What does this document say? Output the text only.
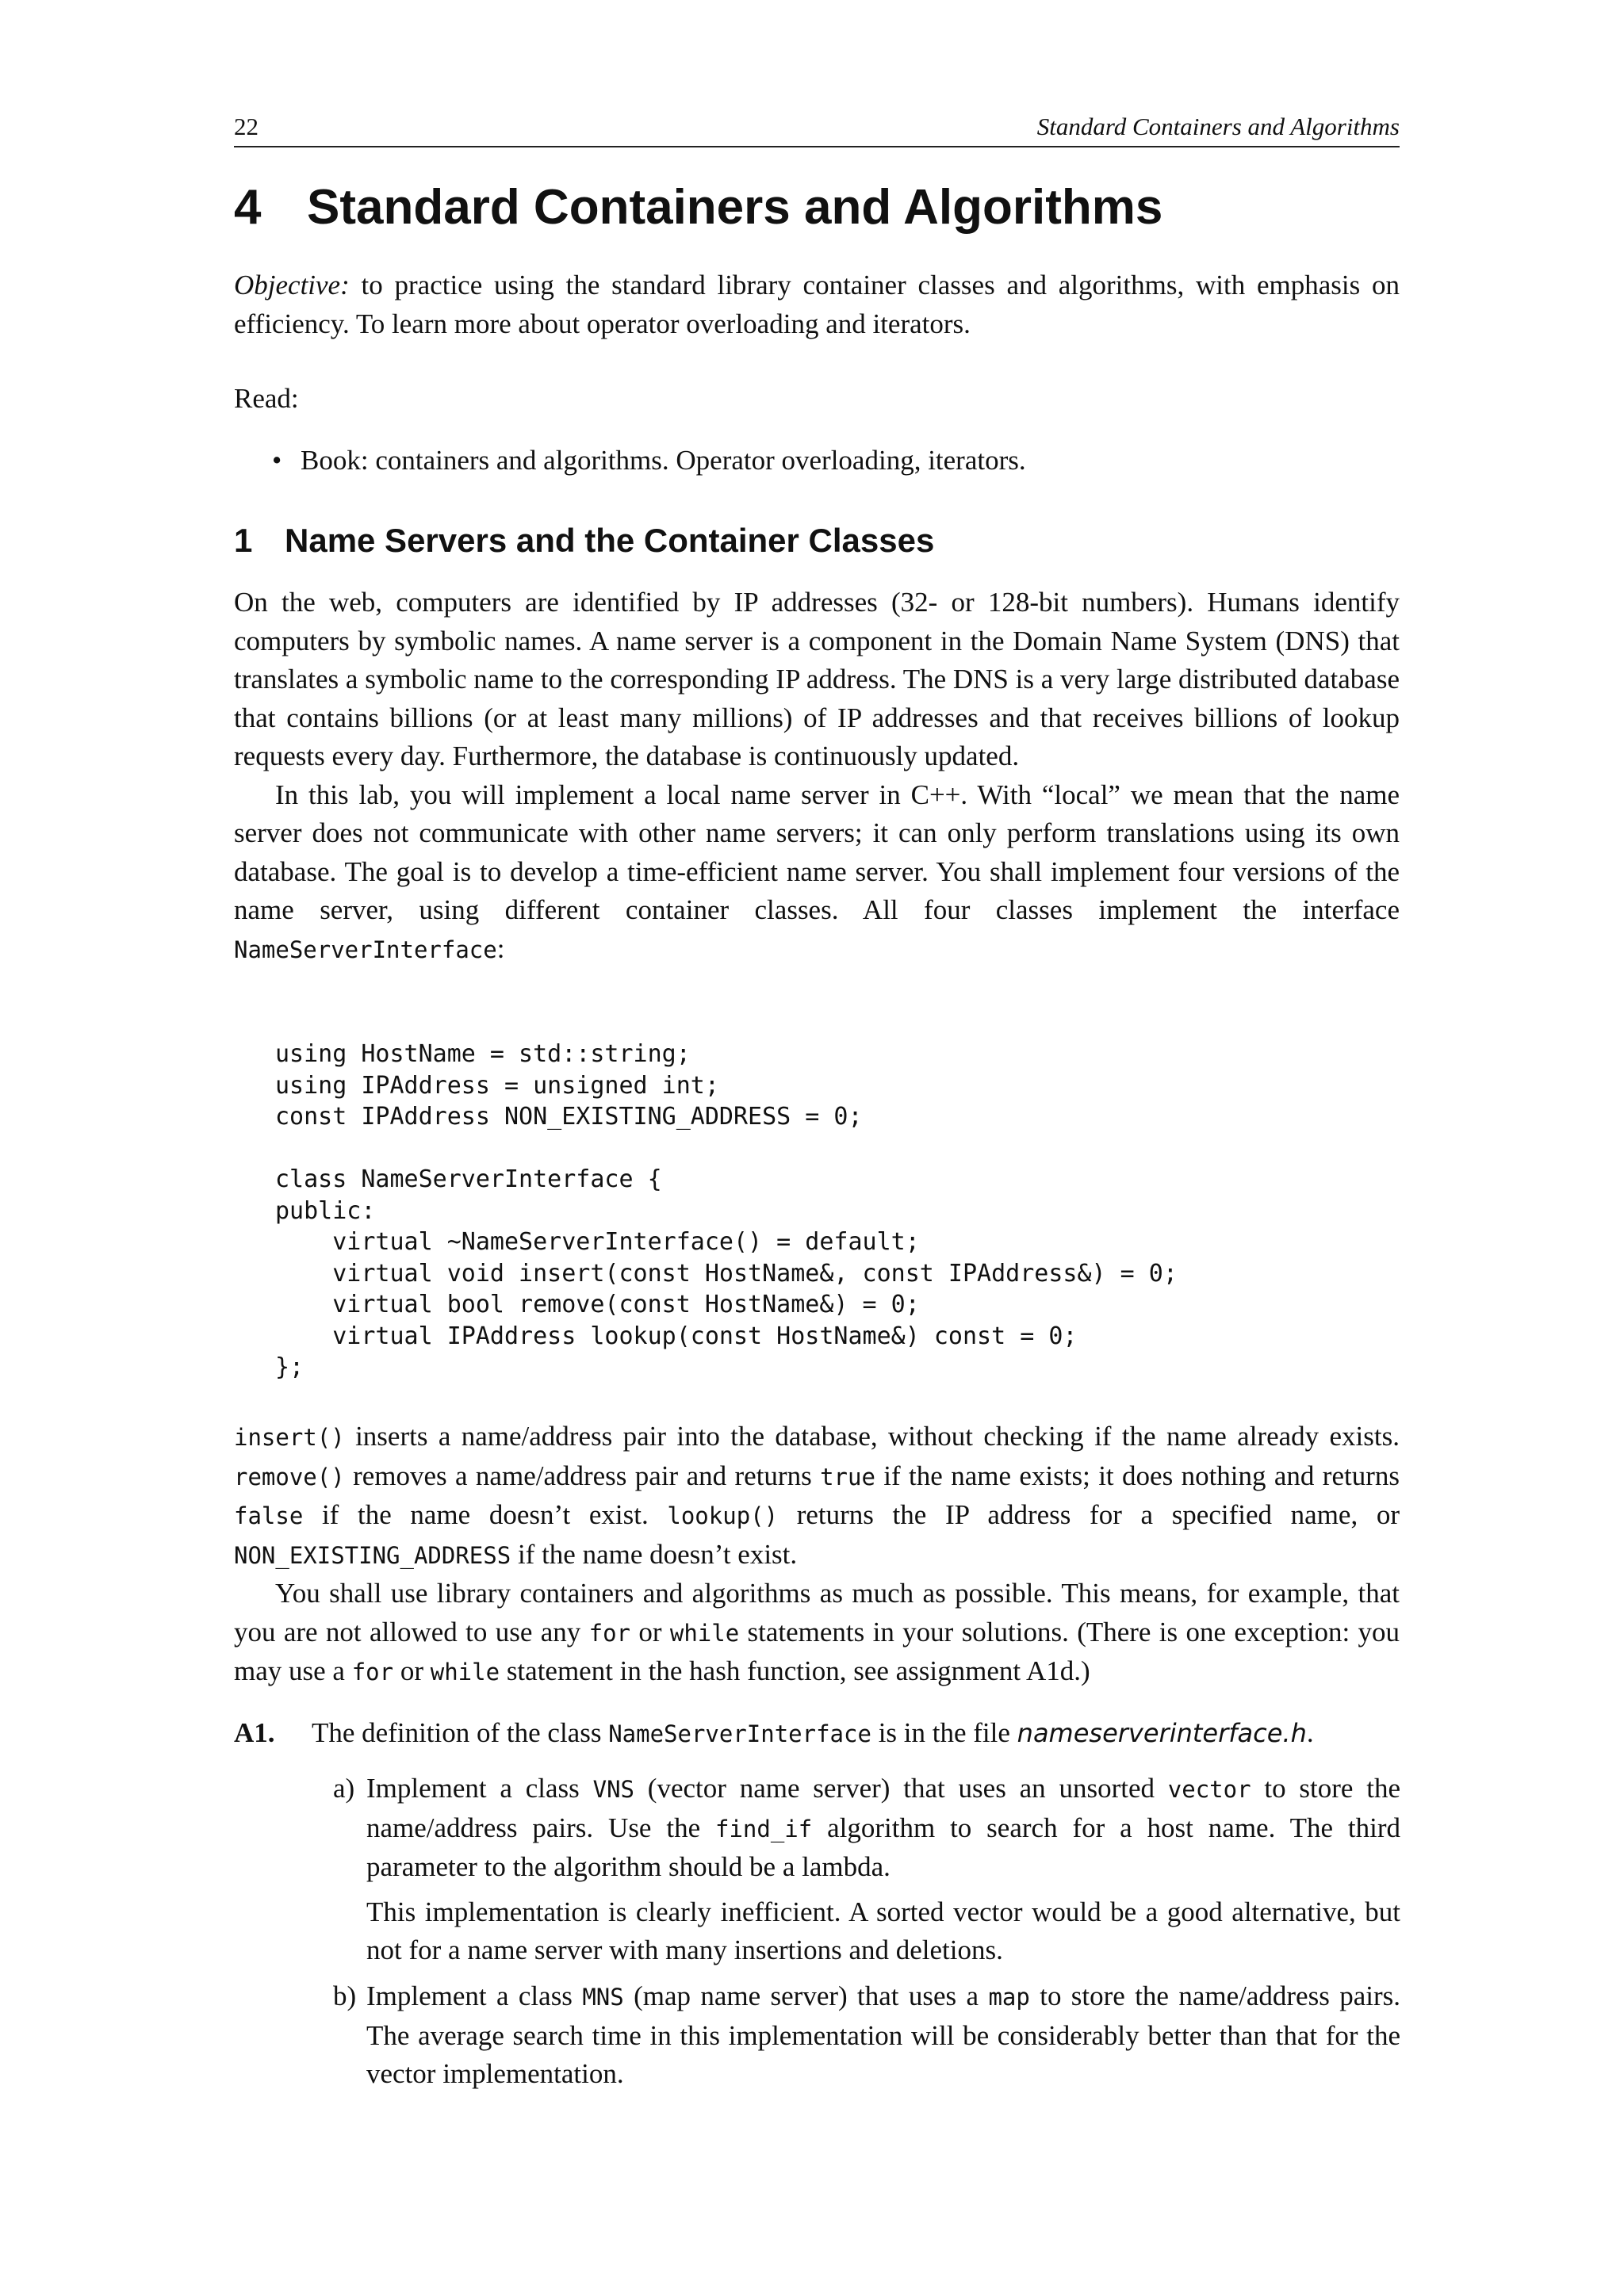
22	Standard Containers and Algorithms
4 Standard Containers and Algorithms

Objective: to practice using the standard library container classes and algorithms, with emphasis on efficiency. To learn more about operator overloading and iterators.

Read:

• Book: containers and algorithms. Operator overloading, iterators.

1 Name Servers and the Container Classes

On the web, computers are identified by IP addresses (32- or 128-bit numbers). Humans identify computers by symbolic names. A name server is a component in the Domain Name System (DNS) that translates a symbolic name to the corresponding IP address. The DNS is a very large distributed database that contains billions (or at least many millions) of IP addresses and that receives billions of lookup requests every day. Furthermore, the database is continuously updated.

In this lab, you will implement a local name server in C++. With “local” we mean that the name server does not communicate with other name servers; it can only perform translations using its own database. The goal is to develop a time-efficient name server. You shall implement four versions of the name server, using different container classes. All four classes implement the interface NameServerInterface:

using HostName = std::string;
using IPAddress = unsigned int;
const IPAddress NON_EXISTING_ADDRESS = 0;

class NameServerInterface {
public:
virtual ~NameServerInterface() = default;
virtual void insert(const HostName&, const IPAddress&) = 0;
virtual bool remove(const HostName&) = 0;
virtual IPAddress lookup(const HostName&) const = 0;
};

insert() inserts a name/address pair into the database, without checking if the name already exists. remove() removes a name/address pair and returns true if the name exists; it does nothing and returns false if the name doesn’t exist. lookup() returns the IP address for a specified name, or NON_EXISTING_ADDRESS if the name doesn’t exist.

You shall use library containers and algorithms as much as possible. This means, for example, that you are not allowed to use any for or while statements in your solutions. (There is one exception: you may use a for or while statement in the hash function, see assignment A1d.)

A1. The definition of the class NameServerInterface is in the file nameserverinterface.h.
a) Implement a class VNS (vector name server) that uses an unsorted vector to store the name/address pairs. Use the find_if algorithm to search for a host name. The third parameter to the algorithm should be a lambda.

This implementation is clearly inefficient. A sorted vector would be a good alternative, but not for a name server with many insertions and deletions.

b) Implement a class MNS (map name server) that uses a map to store the name/address pairs. The average search time in this implementation will be considerably better than that for the vector implementation.
